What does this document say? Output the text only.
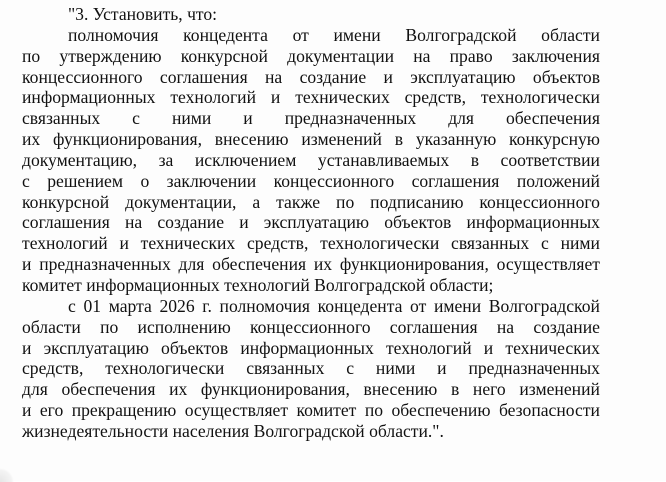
"3. Установить, что:
полномочия концедента от имени Волгоградской области
по утверждению конкурсной документации на право заключения
концессионного соглашения на создание и эксплуатацию объектов
информационных технологий и технических средств, технологически
связанных с ними и предназначенных для обеспечения
их функционирования, внесению изменений в указанную конкурсную
документацию, за исключением устанавливаемых в соответствии
с решением о заключении концессионного соглашения положений
конкурсной документации, а также по подписанию концессионного
соглашения на создание и эксплуатацию объектов информационных
технологий и технических средств, технологически связанных с ними
и предназначенных для обеспечения их функционирования, осуществляет
комитет информационных технологий Волгоградской области;
с 01 марта 2026 г. полномочия концедента от имени Волгоградской
области по исполнению концессионного соглашения на создание
и эксплуатацию объектов информационных технологий и технических
средств, технологически связанных с ними и предназначенных
для обеспечения их функционирования, внесению в него изменений
и его прекращению осуществляет комитет по обеспечению безопасности
жизнедеятельности населения Волгоградской области.".
